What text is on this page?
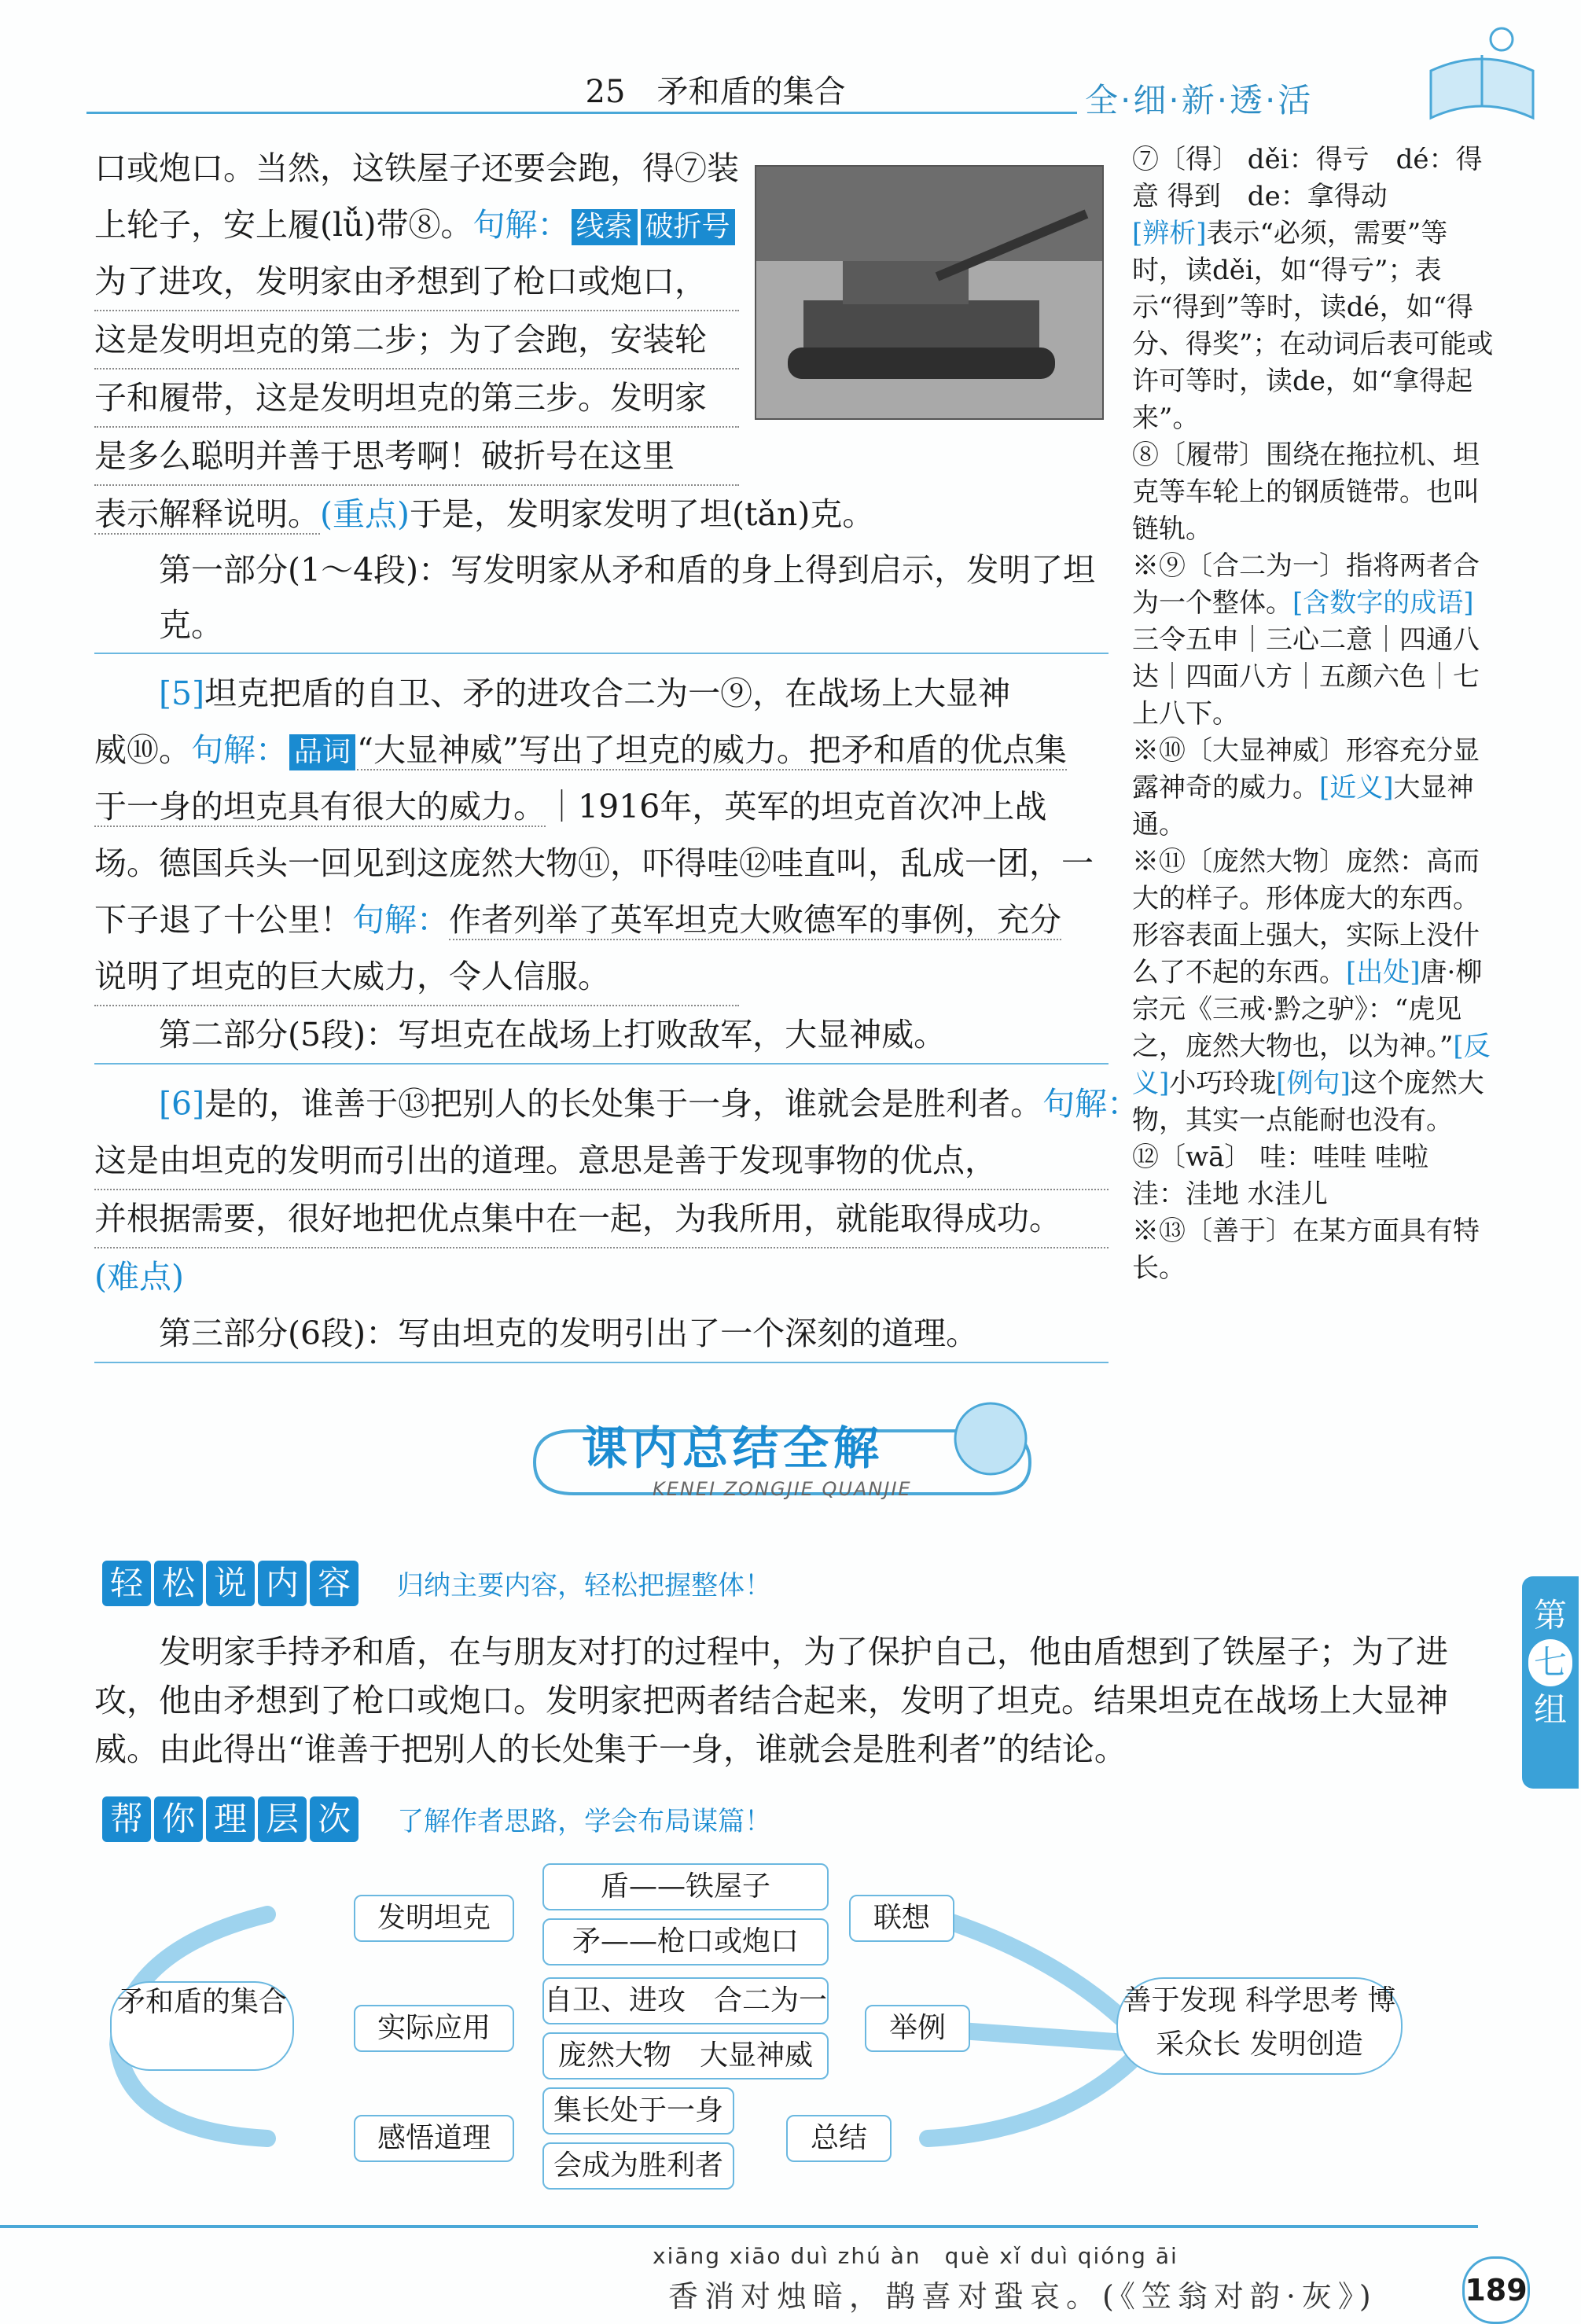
25　矛和盾的集合	全·细·新·透·活
口或炮口。当然，这铁屋子还要会跑，得⑦装
上轮子，安上履(lǚ)带⑧。句解： 线索 破折号
为了进攻，发明家由矛想到了枪口或炮口，
这是发明坦克的第二步；为了会跑，安装轮
子和履带，这是发明坦克的第三步。发明家
是多么聪明并善于思考啊！破折号在这里
表示解释说明。(重点)于是，发明家发明了坦(tǎn)克。
第一部分(1～4段)：写发明家从矛和盾的身上得到启示，发明了坦克。
[5]坦克把盾的自卫、矛的进攻合二为一⑨，在战场上大显神
威⑩。句解： 品词 “大显神威”写出了坦克的威力。把矛和盾的优点集
于一身的坦克具有很大的威力。｜1916年，英军的坦克首次冲上战
场。德国兵头一回见到这庞然大物⑪，吓得哇⑫哇直叫，乱成一团，一
下子退了十公里！句解：作者列举了英军坦克大败德军的事例，充分
说明了坦克的巨大威力，令人信服。
第二部分(5段)：写坦克在战场上打败敌军，大显神威。
[6]是的，谁善于⑬把别人的长处集于一身，谁就会是胜利者。句解：
这是由坦克的发明而引出的道理。意思是善于发现事物的优点，
并根据需要，很好地把优点集中在一起，为我所用，就能取得成功。
(难点)
第三部分(6段)：写由坦克的发明引出了一个深刻的道理。
⑦〔得〕 děi：得亏　dé：得意 得到　de：拿得动
[辨析]表示“必须，需要”等时，读děi，如“得亏”；表示“得到”等时，读dé，如“得分、得奖”；在动词后表可能或许可等时，读de，如“拿得起来”。
⑧〔履带〕围绕在拖拉机、坦克等车轮上的钢质链带。也叫链轨。
※⑨〔合二为一〕指将两者合为一个整体。[含数字的成语]三令五申｜三心二意｜四通八达｜四面八方｜五颜六色｜七上八下。
※⑩〔大显神威〕形容充分显露神奇的威力。[近义]大显神通。
※⑪〔庞然大物〕庞然：高而大的样子。形体庞大的东西。形容表面上强大，实际上没什么了不起的东西。[出处]唐·柳宗元《三戒·黔之驴》：“虎见之，庞然大物也，以为神。”[反义]小巧玲珑[例句]这个庞然大物，其实一点能耐也没有。
⑫〔wā〕 哇：哇哇 哇啦　洼：洼地 水洼儿
※⑬〔善于〕在某方面具有特长。
第
七
组
课内总结全解
KENEI ZONGJIE QUANJIE
轻 松 说 内 容 归纳主要内容，轻松把握整体！
发明家手持矛和盾，在与朋友对打的过程中，为了保护自己，他由盾想到了铁屋子；为了进攻，他由矛想到了枪口或炮口。发明家把两者结合起来，发明了坦克。结果坦克在战场上大显神威。由此得出“谁善于把别人的长处集于一身，谁就会是胜利者”的结论。
帮 你 理 层 次 了解作者思路，学会布局谋篇！
矛和盾的集合
发明坦克
盾——铁屋子
矛——枪口或炮口
联想
实际应用
自卫、进攻　合二为一
庞然大物　大显神威
举例
感悟道理
集长处于一身
会成为胜利者
总结
善于发现 科学思考 博采众长 发明创造
xiāng xiāo duì zhú àn　què xǐ duì qióng āi
香消对烛暗，鹊喜对蛩哀。(《笠翁对韵·灰》)	189
